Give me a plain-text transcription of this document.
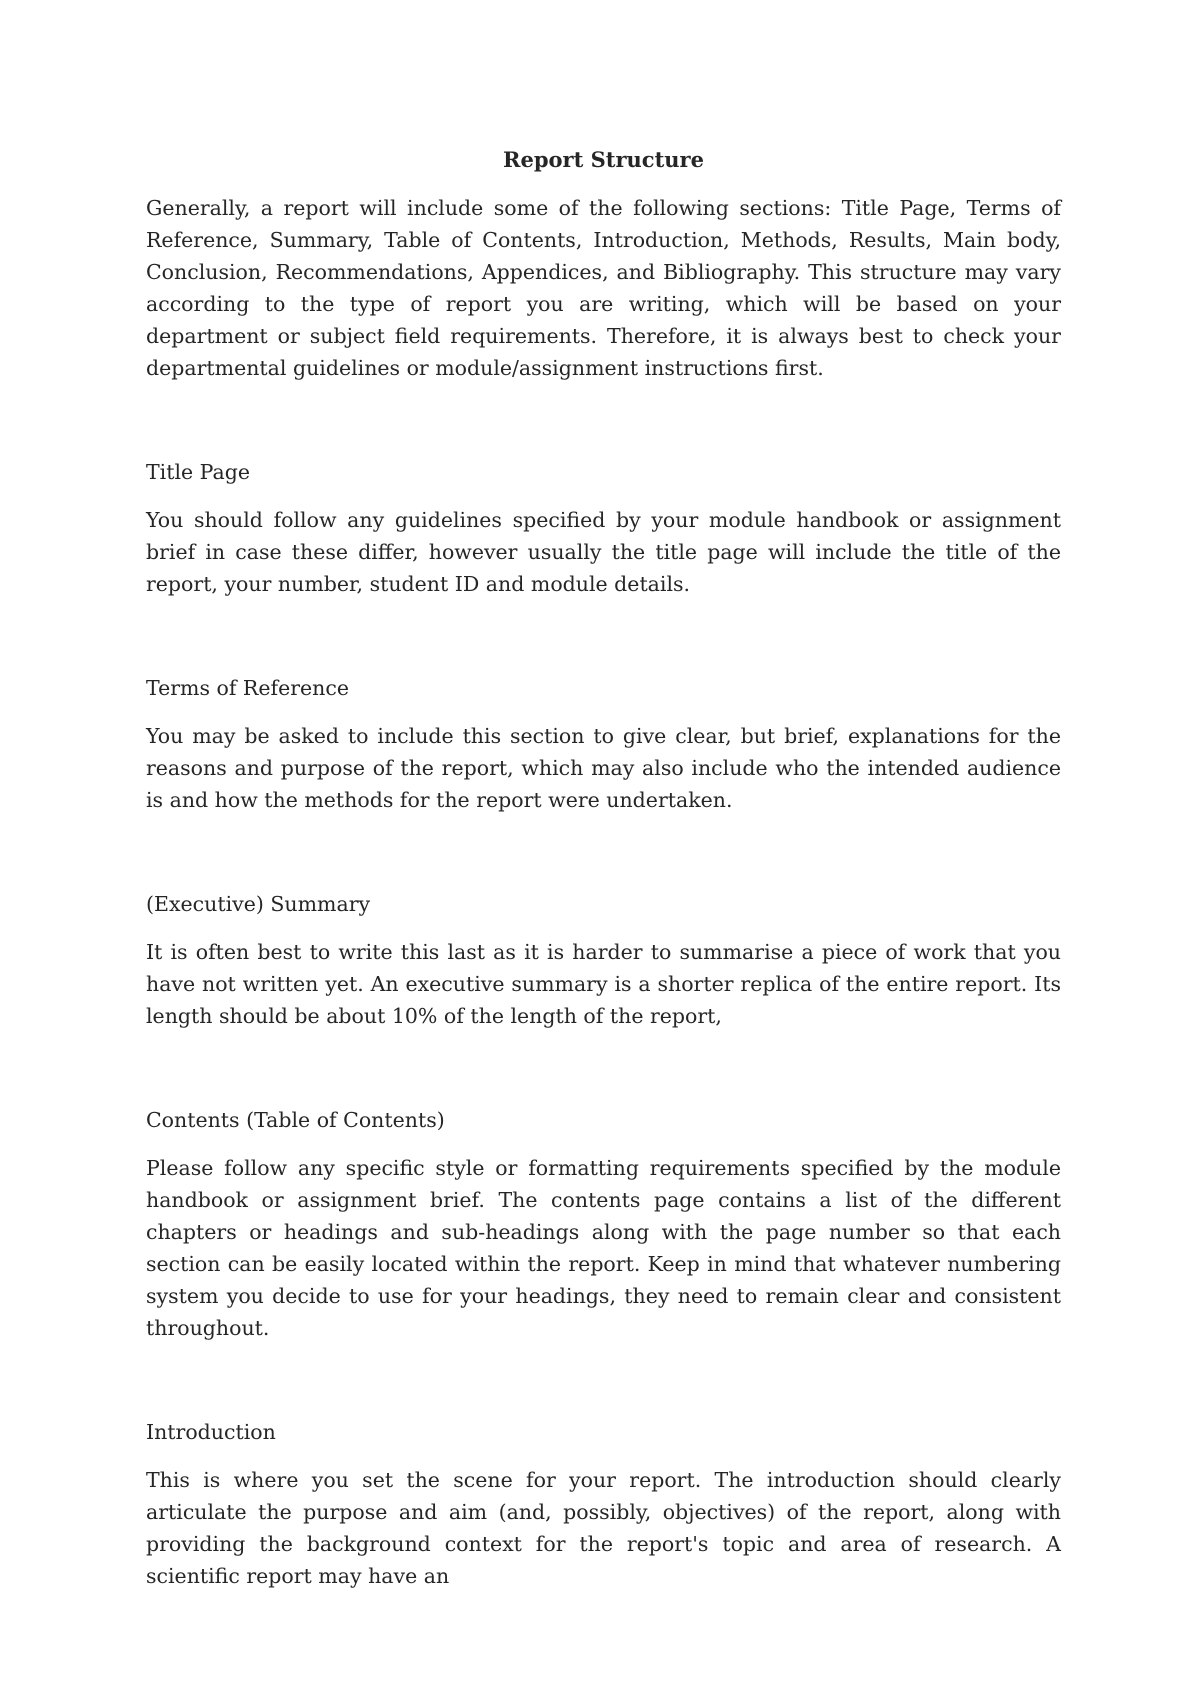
Report Structure

Generally, a report will include some of the following sections: Title Page, Terms of Reference, Summary, Table of Contents, Introduction, Methods, Results, Main body, Conclusion, Recommendations, Appendices, and Bibliography. This structure may vary according to the type of report you are writing, which will be based on your department or subject field requirements. Therefore, it is always best to check your departmental guidelines or module/assignment instructions first.

Title Page

You should follow any guidelines specified by your module handbook or assignment brief in case these differ, however usually the title page will include the title of the report, your number, student ID and module details.

Terms of Reference

You may be asked to include this section to give clear, but brief, explanations for the reasons and purpose of the report, which may also include who the intended audience is and how the methods for the report were undertaken.

(Executive) Summary

It is often best to write this last as it is harder to summarise a piece of work that you have not written yet. An executive summary is a shorter replica of the entire report. Its length should be about 10% of the length of the report,

Contents (Table of Contents)

Please follow any specific style or formatting requirements specified by the module handbook or assignment brief. The contents page contains a list of the different chapters or headings and sub-headings along with the page number so that each section can be easily located within the report. Keep in mind that whatever numbering system you decide to use for your headings, they need to remain clear and consistent throughout.

Introduction

This is where you set the scene for your report. The introduction should clearly articulate the purpose and aim (and, possibly, objectives) of the report, along with providing the background context for the report's topic and area of research. A scientific report may have an
